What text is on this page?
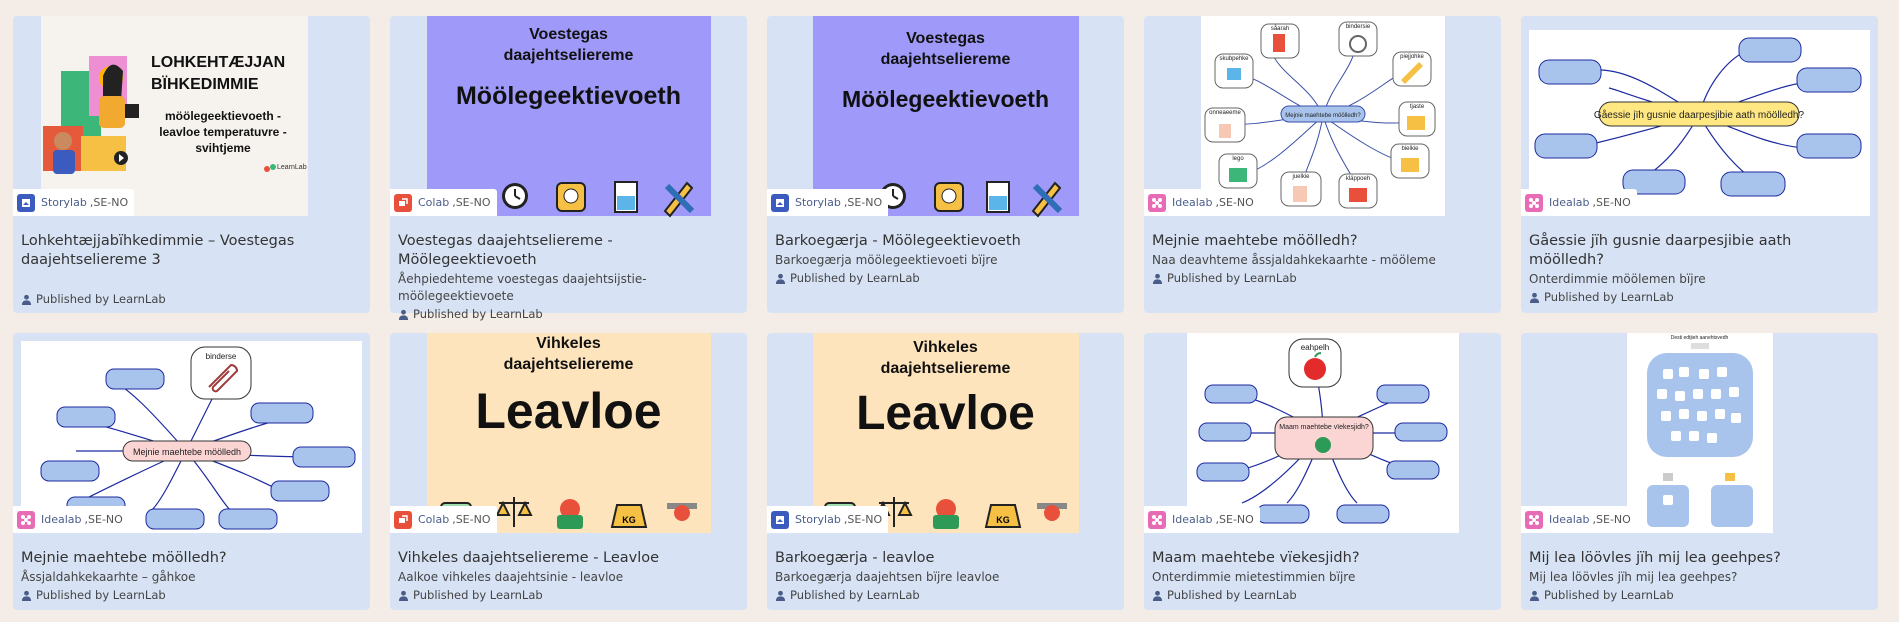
LOHKEHTÆJJAN BÏHKEDIMMIE
möölegeektievoeth - leavloe temperatuvre - svihtjeme
LearnLab
Storylab ,SE-NO
Lohkehtæjjabïhkedimmie – Voestegas daajehtseliereme 3
Published by LearnLab
Voestegas
daajehtseliereme
Möölegeektievoeth
Colab ,SE-NO
Voestegas daajehtseliereme - Möölegeektievoeth
Åehpiedehteme voestegas daajehtsijstie- möölegeektievoete
Published by LearnLab
Voestegas
daajehtseliereme
Möölegeektievoeth
Storylab ,SE-NO
Barkoegærja - Möölegeektievoeth
Barkoegærja möölegeektievoeti bïjre
Published by LearnLab
såarah	bindersie
skubpehke	piejjohke
onneaeeme
tjaste
lego
bielkie
juelkie	kläppoeh
Mejnie maehtebe möölledh?
Idealab ,SE-NO
Mejnie maehtebe möölledh?
Naa deavhteme åssjaldahkekaarhte - mööleme
Published by LearnLab
Gåessie jïh gusnie daarpesjibie aath möölledh?
Idealab ,SE-NO
Gåessie jïh gusnie daarpesjibie aath möölledh?
Onterdimmie möölemen bïjre
Published by LearnLab
Mejnie maehtebe möölledh
binderse
Idealab ,SE-NO
Mejnie maehtebe möölledh?
Åssjaldahkekaarhte – gåhkoe
Published by LearnLab
Vihkeles
daajehtseliereme
Leavloe
KG
Colab ,SE-NO
Vihkeles daajehtseliereme - Leavloe
Aalkoe vihkeles daajehtsinie - leavloe
Published by LearnLab
Vihkeles
daajehtseliereme
Leavloe
KG
Storylab ,SE-NO
Barkoegærja - leavloe
Barkoegærja daajehtsen bïjre leavloe
Published by LearnLab
Maam maehtebe vïekesjidh?
eahpelh
Idealab ,SE-NO
Maam maehtebe vïekesjidh?
Onterdimmie mietestimmien bïjre
Published by LearnLab
Desti edtjieh aanehtsvedh
Idealab ,SE-NO
Mij lea löövles jïh mij lea geehpes?
Mij lea löövles jïh mij lea geehpes?
Published by LearnLab
